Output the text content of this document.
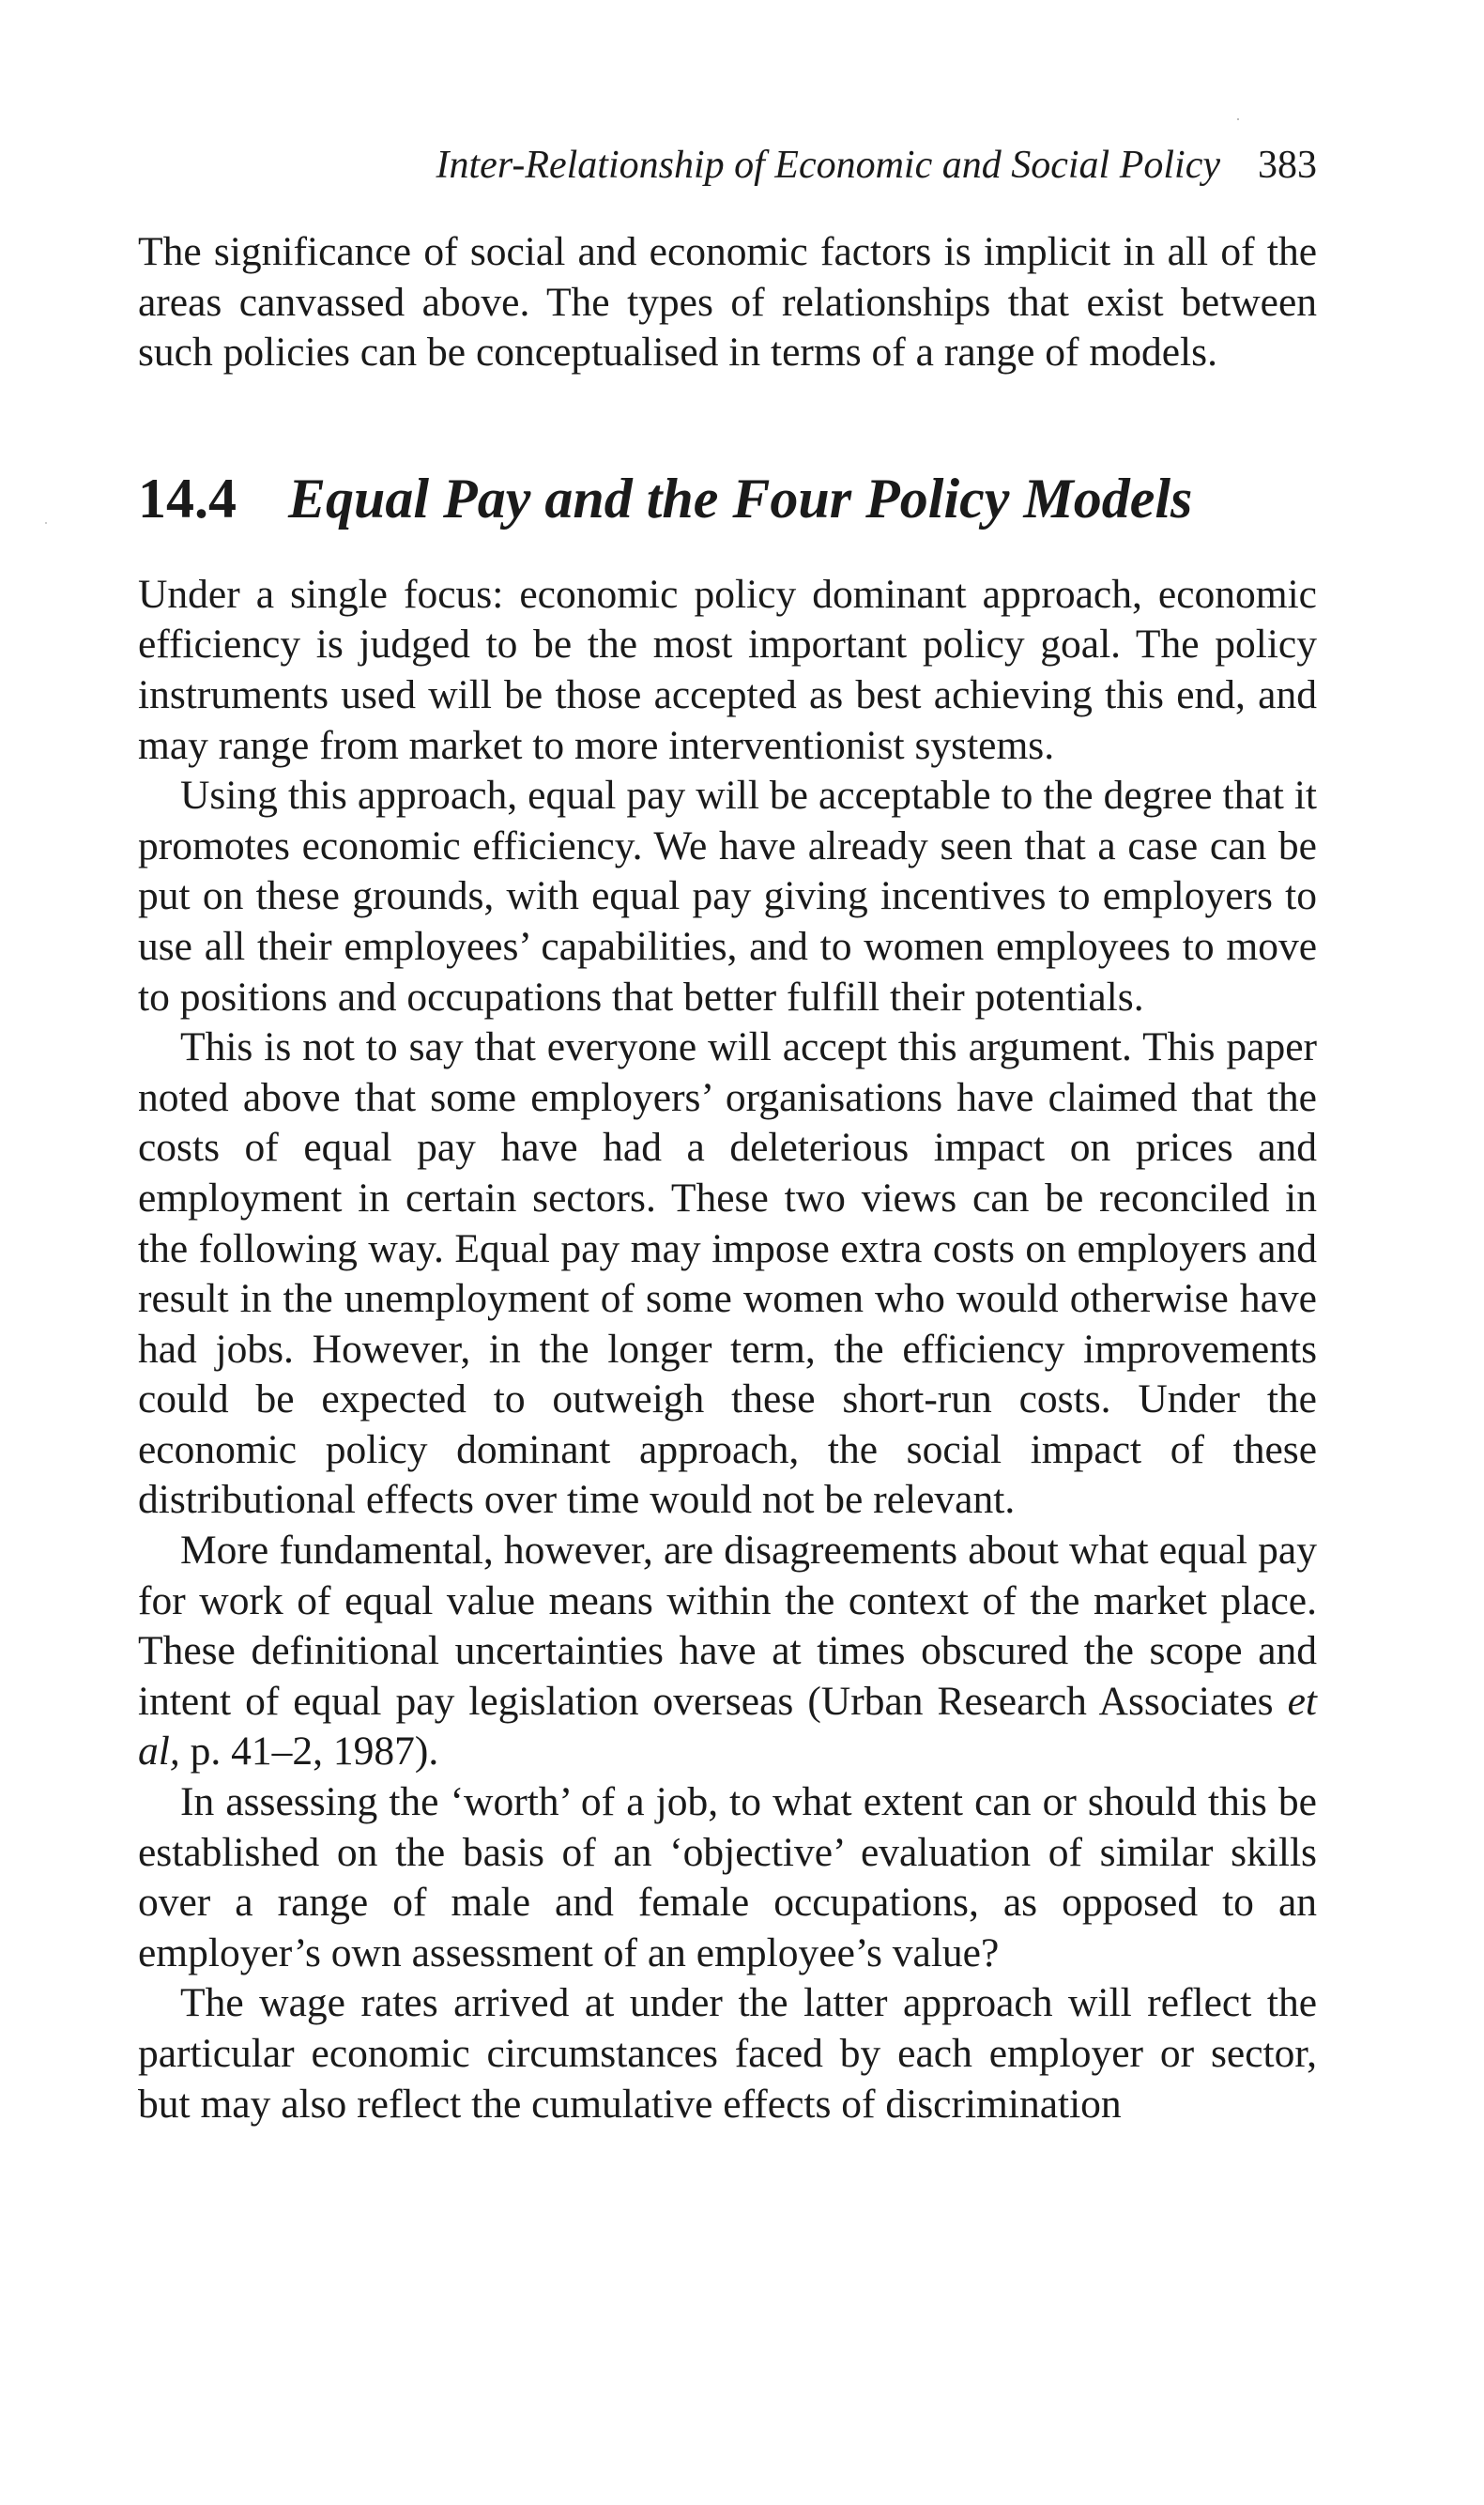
Inter-Relationship of Economic and Social Policy 383

The significance of social and economic factors is implicit in all of the areas canvassed above. The types of relationships that exist between such policies can be conceptualised in terms of a range of models.

14.4 Equal Pay and the Four Policy Models

Under a single focus: economic policy dominant approach, economic efficiency is judged to be the most important policy goal. The policy instruments used will be those accepted as best achieving this end, and may range from market to more interventionist systems.

Using this approach, equal pay will be acceptable to the degree that it promotes economic efficiency. We have already seen that a case can be put on these grounds, with equal pay giving incentives to employers to use all their employees’ capabilities, and to women employees to move to positions and occupations that better fulfill their potentials.

This is not to say that everyone will accept this argument. This paper noted above that some employers’ organisations have claimed that the costs of equal pay have had a deleterious impact on prices and employment in certain sectors. These two views can be reconciled in the following way. Equal pay may impose extra costs on employers and result in the unemployment of some women who would otherwise have had jobs. However, in the longer term, the efficiency improvements could be expected to outweigh these short-run costs. Under the economic policy dominant approach, the social impact of these distributional effects over time would not be relevant.

More fundamental, however, are disagreements about what equal pay for work of equal value means within the context of the market place. These definitional uncertainties have at times obscured the scope and intent of equal pay legislation overseas (Urban Research Associates et al, p. 41–2, 1987).

In assessing the ‘worth’ of a job, to what extent can or should this be established on the basis of an ‘objective’ evaluation of similar skills over a range of male and female occupations, as opposed to an employer’s own assessment of an employee’s value?

The wage rates arrived at under the latter approach will reflect the particular economic circumstances faced by each employer or sector, but may also reflect the cumulative effects of discrimination
